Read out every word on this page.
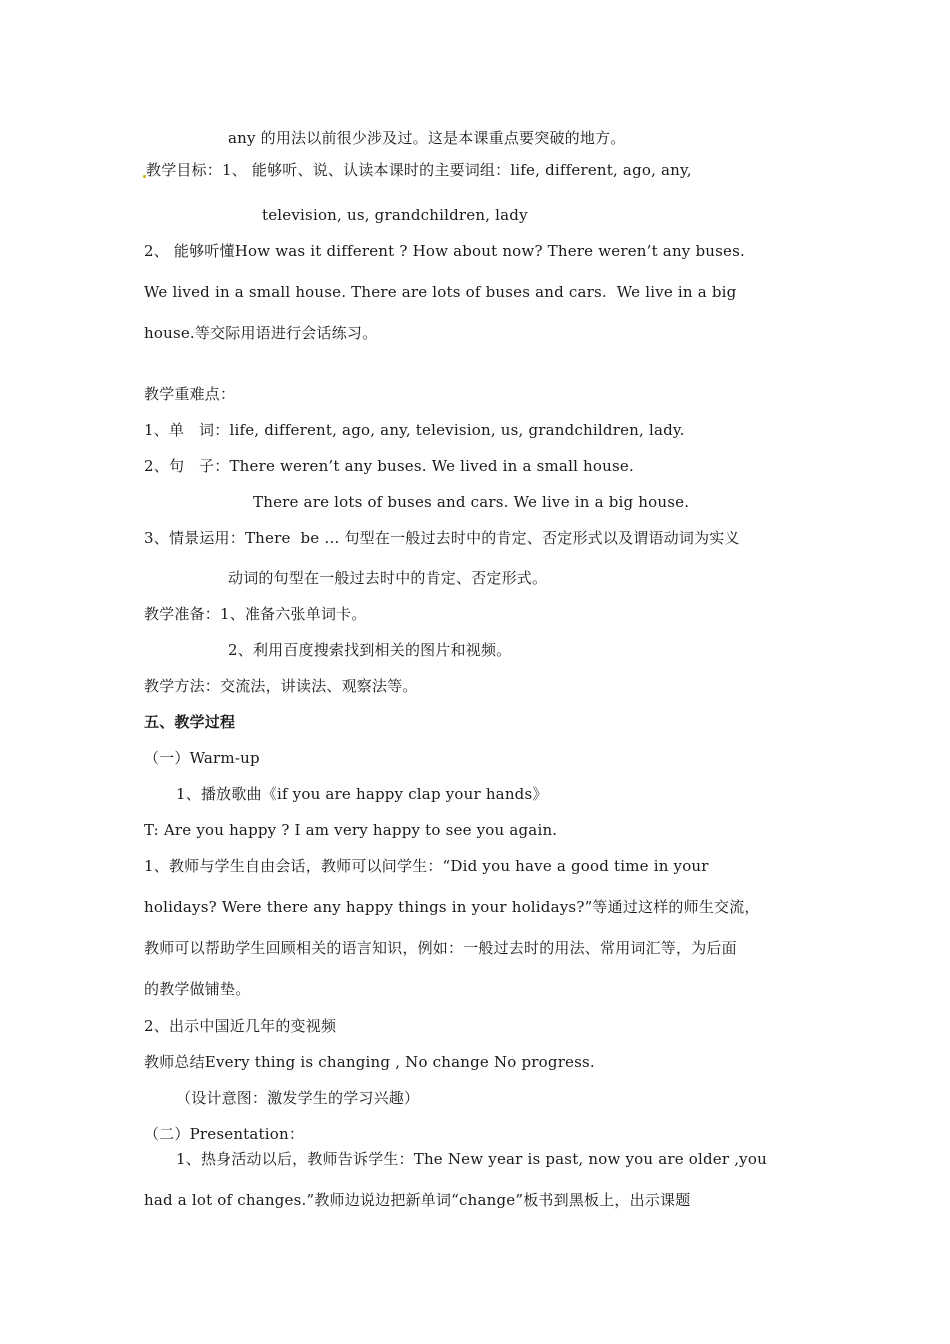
any 的用法以前很少涉及过。这是本课重点要突破的地方。
教学目标：1、 能够听、说、认读本课时的主要词组：life, different, ago, any,
television, us, grandchildren, lady
2、 能够听懂How was it different ? How about now? There weren’t any buses.
We lived in a small house. There are lots of buses and cars.  We live in a big
house.等交际用语进行会话练习。
教学重难点：
1、单   词：life, different, ago, any, television, us, grandchildren, lady.
2、句   子：There weren’t any buses. We lived in a small house.
There are lots of buses and cars. We live in a big house.
3、情景运用：There  be … 句型在一般过去时中的肯定、否定形式以及谓语动词为实义
动词的句型在一般过去时中的肯定、否定形式。
教学准备：1、准备六张单词卡。
2、利用百度搜索找到相关的图片和视频。
教学方法：交流法，讲读法、观察法等。
五、教学过程
（一）Warm-up
1、播放歌曲《if you are happy clap your hands》
T: Are you happy ? I am very happy to see you again.
1、教师与学生自由会话，教师可以问学生：“Did you have a good time in your
holidays? Were there any happy things in your holidays?”等通过这样的师生交流，
教师可以帮助学生回顾相关的语言知识，例如：一般过去时的用法、常用词汇等，为后面
的教学做铺垫。
2、出示中国近几年的变视频
教师总结Every thing is changing , No change No progress.
（设计意图：激发学生的学习兴趣）
（二）Presentation：
1、热身活动以后，教师告诉学生：The New year is past, now you are older ,you
had a lot of changes.”教师边说边把新单词“change”板书到黑板上，出示课题
